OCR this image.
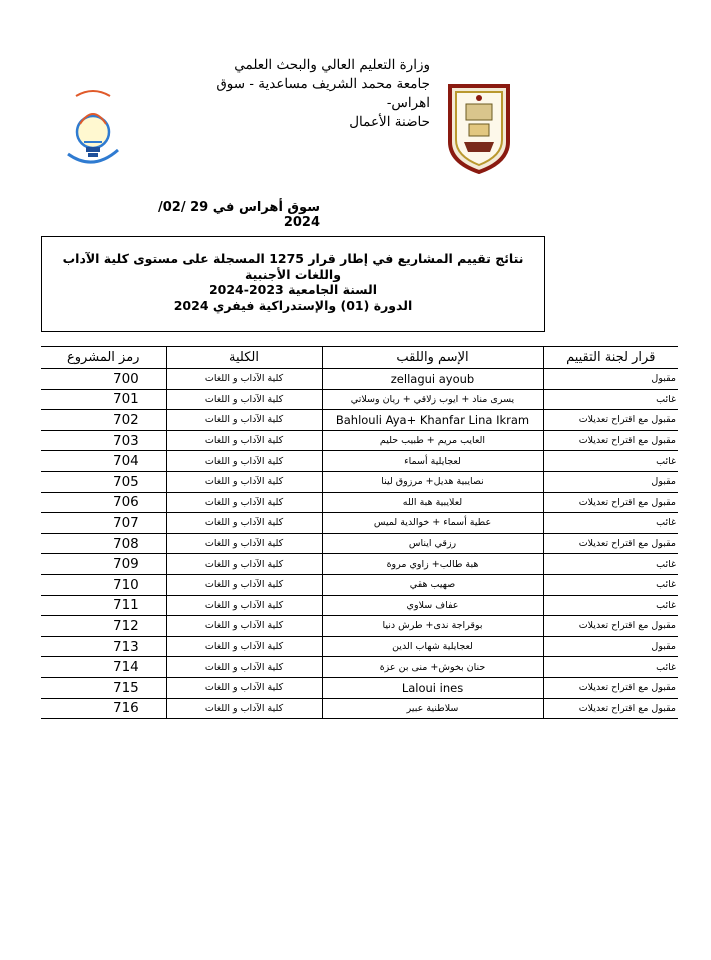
وزارة التعليم العالي والبحث العلمي
جامعة محمد الشريف مساعدية - سوق اهراس-
حاضنة الأعمال
سوق أهراس في 29 /02/ 2024
نتائج تقييم المشاريع في إطار قرار 1275 المسجلة على مستوى كلية الآداب واللغات الأجنبية
السنة الجامعية 2023-2024
الدورة (01) والإستدراكية فيفري 2024
قرار لجنة التقييم	الإسم واللقب	الكلية	رمز المشروع
مقبول	zellagui ayoub	كلية الآداب و اللغات	700
غائب	يسرى مناد + ايوب زلاقي + ريان وسلاتي	كلية الآداب و اللغات	701
مقبول مع اقتراح تعديلات	Bahlouli Aya+ Khanfar Lina Ikram	كلية الآداب و اللغات	702
مقبول مع اقتراح تعديلات	العايب مريم + طبيب حليم	كلية الآداب و اللغات	703
غائب	لعجايلية أسماء	كلية الآداب و اللغات	704
مقبول	نصايبية هديل+ مرزوق لينا	كلية الآداب و اللغات	705
مقبول مع اقتراح تعديلات	لعلايبية هبة الله	كلية الآداب و اللغات	706
غائب	عطية أسماء + خوالدية لميس	كلية الآداب و اللغات	707
مقبول مع اقتراح تعديلات	رزقي ايناس	كلية الآداب و اللغات	708
غائب	هبة طالب+ زاوي مروة	كلية الآداب و اللغات	709
غائب	صهيب هقي	كلية الآداب و اللغات	710
غائب	عفاف سلاوي	كلية الآداب و اللغات	711
مقبول مع اقتراح تعديلات	بوقراجة ندى+ طرش دنيا	كلية الآداب و اللغات	712
مقبول	لعجايلية شهاب الدين	كلية الآداب و اللغات	713
غائب	حنان بخوش+ منى بن عزة	كلية الآداب و اللغات	714
مقبول مع اقتراح تعديلات	Laloui ines	كلية الآداب و اللغات	715
مقبول مع اقتراح تعديلات	سلاطنية عبير	كلية الآداب و اللغات	716
